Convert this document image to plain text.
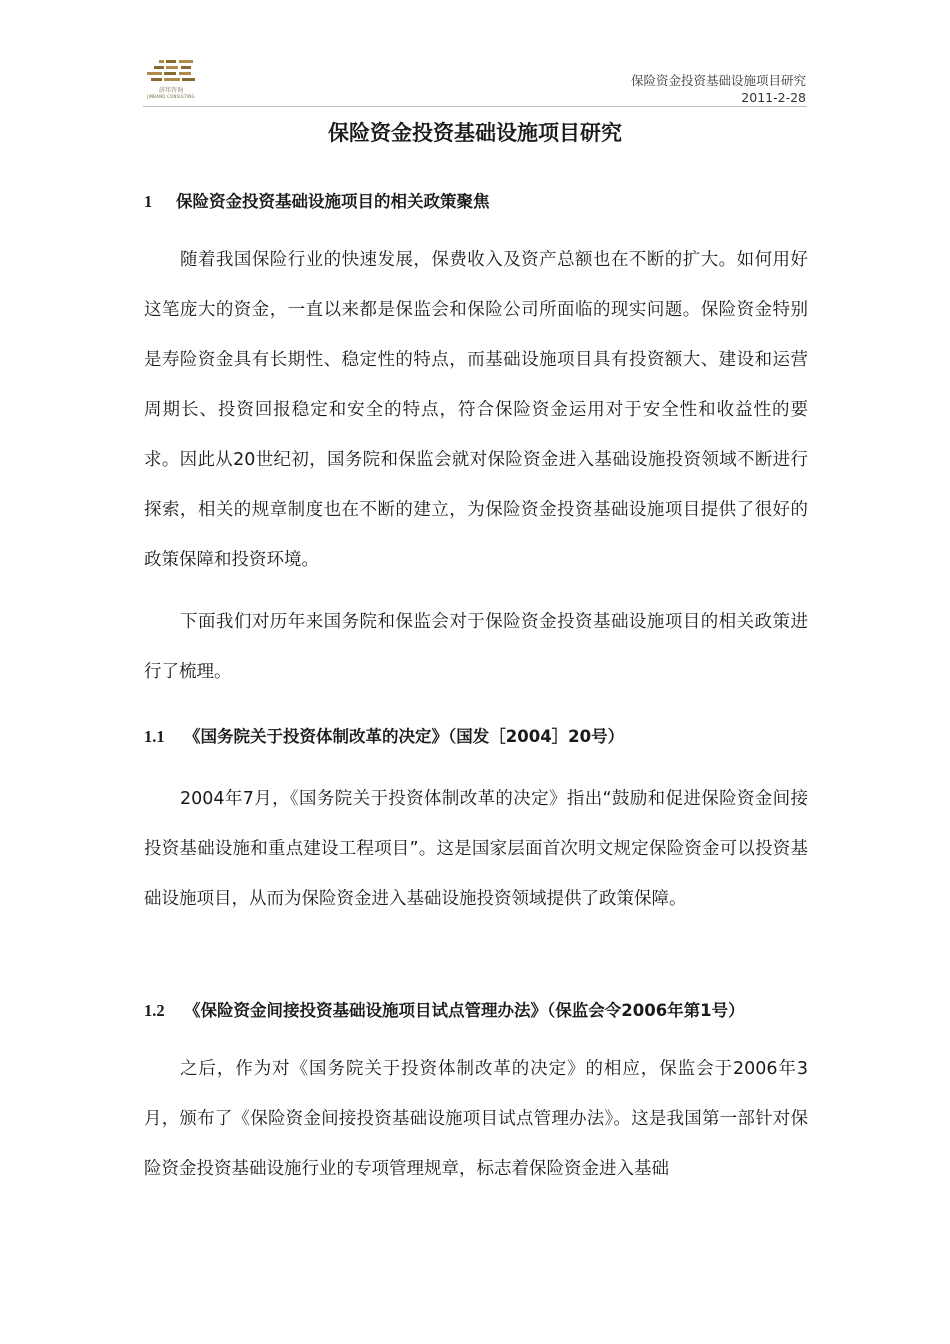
济邦咨询
JINBAND CONSULTING
保险资金投资基础设施项目研究
2011-2-28
保险资金投资基础设施项目研究
1 保险资金投资基础设施项目的相关政策聚焦

随着我国保险行业的快速发展，保费收入及资产总额也在不断的扩大。如何用好这笔庞大的资金，一直以来都是保监会和保险公司所面临的现实问题。保险资金特别是寿险资金具有长期性、稳定性的特点，而基础设施项目具有投资额大、建设和运营周期长、投资回报稳定和安全的特点，符合保险资金运用对于安全性和收益性的要求。因此从20世纪初，国务院和保监会就对保险资金进入基础设施投资领域不断进行探索，相关的规章制度也在不断的建立，为保险资金投资基础设施项目提供了很好的政策保障和投资环境。

下面我们对历年来国务院和保监会对于保险资金投资基础设施项目的相关政策进行了梳理。

1.1 《国务院关于投资体制改革的决定》（国发［2004］20号）

2004年7月，《国务院关于投资体制改革的决定》指出“鼓励和促进保险资金间接投资基础设施和重点建设工程项目”。这是国家层面首次明文规定保险资金可以投资基础设施项目，从而为保险资金进入基础设施投资领域提供了政策保障。

1.2 《保险资金间接投资基础设施项目试点管理办法》（保监会令2006年第1号）

之后，作为对《国务院关于投资体制改革的决定》的相应，保监会于2006年3月，颁布了《保险资金间接投资基础设施项目试点管理办法》。这是我国第一部针对保险资金投资基础设施行业的专项管理规章，标志着保险资金进入基础
